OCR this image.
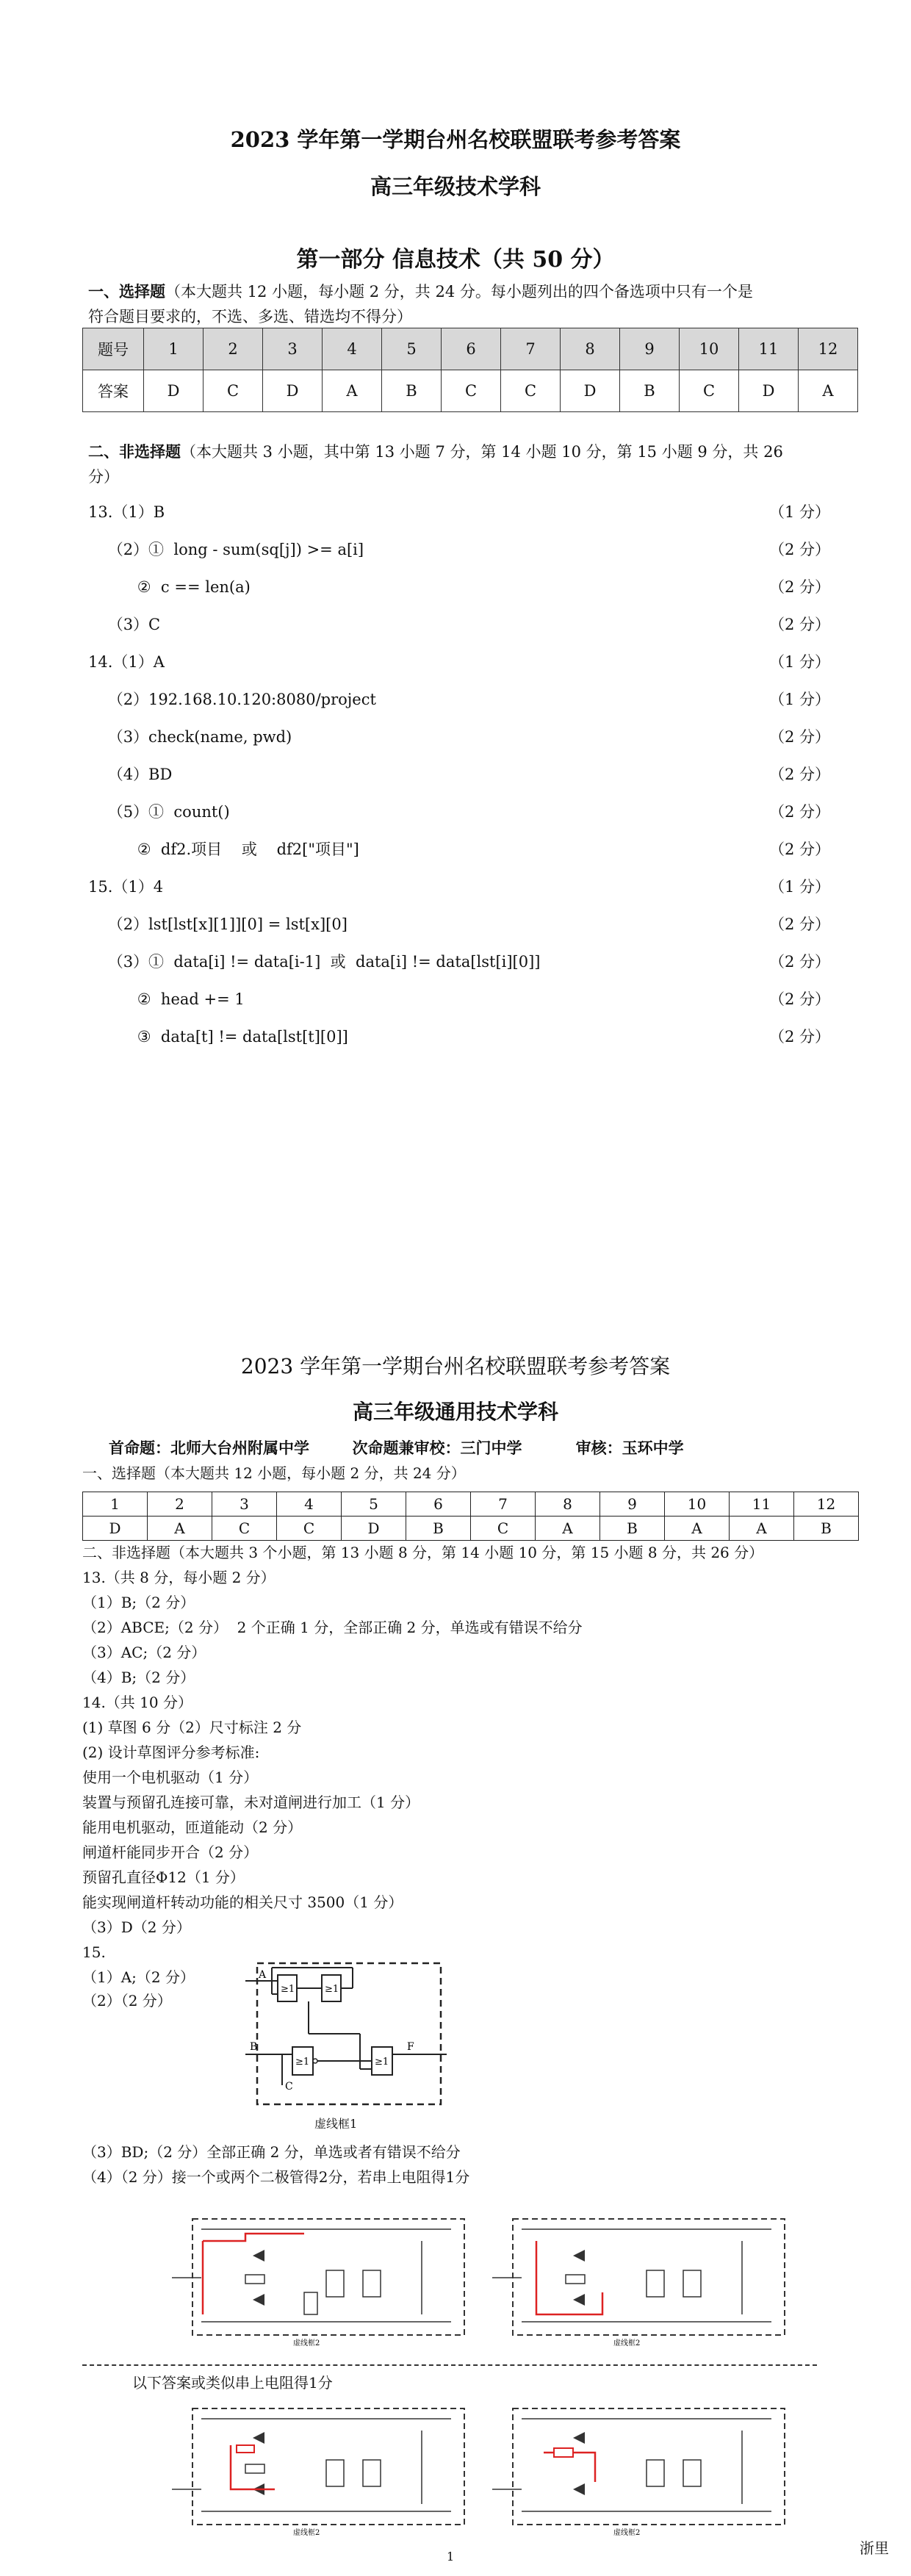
2023 学年第一学期台州名校联盟联考参考答案
高三年级技术学科
第一部分 信息技术（共 50 分）
一、选择题（本大题共 12 小题，每小题 2 分，共 24 分。每小题列出的四个备选项中只有一个是
符合题目要求的，不选、多选、错选均不得分）
题号	1	2	3	4	5	6	7	8	9	10	11	12
答案	D	C	D	A	B	C	C	D	B	C	D	A
二、非选择题（本大题共 3 小题，其中第 13 小题 7 分，第 14 小题 10 分，第 15 小题 9 分，共 26
分）
13.（1）B	（1 分）
（2）①  long - sum(sq[j]) >= a[i]	（2 分）
②  c == len(a)	（2 分）
（3）C	（2 分）
14.（1）A	（1 分）
（2）192.168.10.120:8080/project	（1 分）
（3）check(name, pwd)	（2 分）
（4）BD	（2 分）
（5）①  count()	（2 分）
②  df2.项目    或    df2["项目"]	（2 分）
15.（1）4	（1 分）
（2）lst[lst[x][1]][0] = lst[x][0]	（2 分）
（3）①  data[i] != data[i-1]  或  data[i] != data[lst[i][0]]	（2 分）
②  head += 1	（2 分）
③  data[t] != data[lst[t][0]]	（2 分）
2023 学年第一学期台州名校联盟联考参考答案
高三年级通用技术学科
首命题：北师大台州附属中学        次命题兼审校：三门中学          审核：玉环中学
一、选择题（本大题共 12 小题，每小题 2 分，共 24 分）
1	2	3	4	5	6	7	8	9	10	11	12
D	A	C	C	D	B	C	A	B	A	A	B
二、非选择题（本大题共 3 个小题，第 13 小题 8 分，第 14 小题 10 分，第 15 小题 8 分，共 26 分）
13.（共 8 分，每小题 2 分）
（1）B;（2 分）
（2）ABCE;（2 分）  2 个正确 1 分，全部正确 2 分，单选或有错误不给分
（3）AC;（2 分）
（4）B;（2 分）
14.（共 10 分）
(1) 草图 6 分（2）尺寸标注 2 分
(2) 设计草图评分参考标准:
使用一个电机驱动（1 分）
装置与预留孔连接可靠，未对道闸进行加工（1 分）
能用电机驱动，匝道能动（2 分）
闸道杆能同步开合（2 分）
预留孔直径Φ12（1 分）
能实现闸道杆转动功能的相关尺寸 3500（1 分）
（3）D（2 分）
15.
（1）A;（2 分）
（2）（2 分）
A
≥1	≥1
B
≥1	≥1
F
C
虚线框1
（3）BD;（2 分）全部正确 2 分，单选或者有错误不给分
（4）（2 分）接一个或两个二极管得2分，若串上电阻得1分
虚线框2	虚线框2
以下答案或类似串上电阻得1分
虚线框2	虚线框2
1	浙里
